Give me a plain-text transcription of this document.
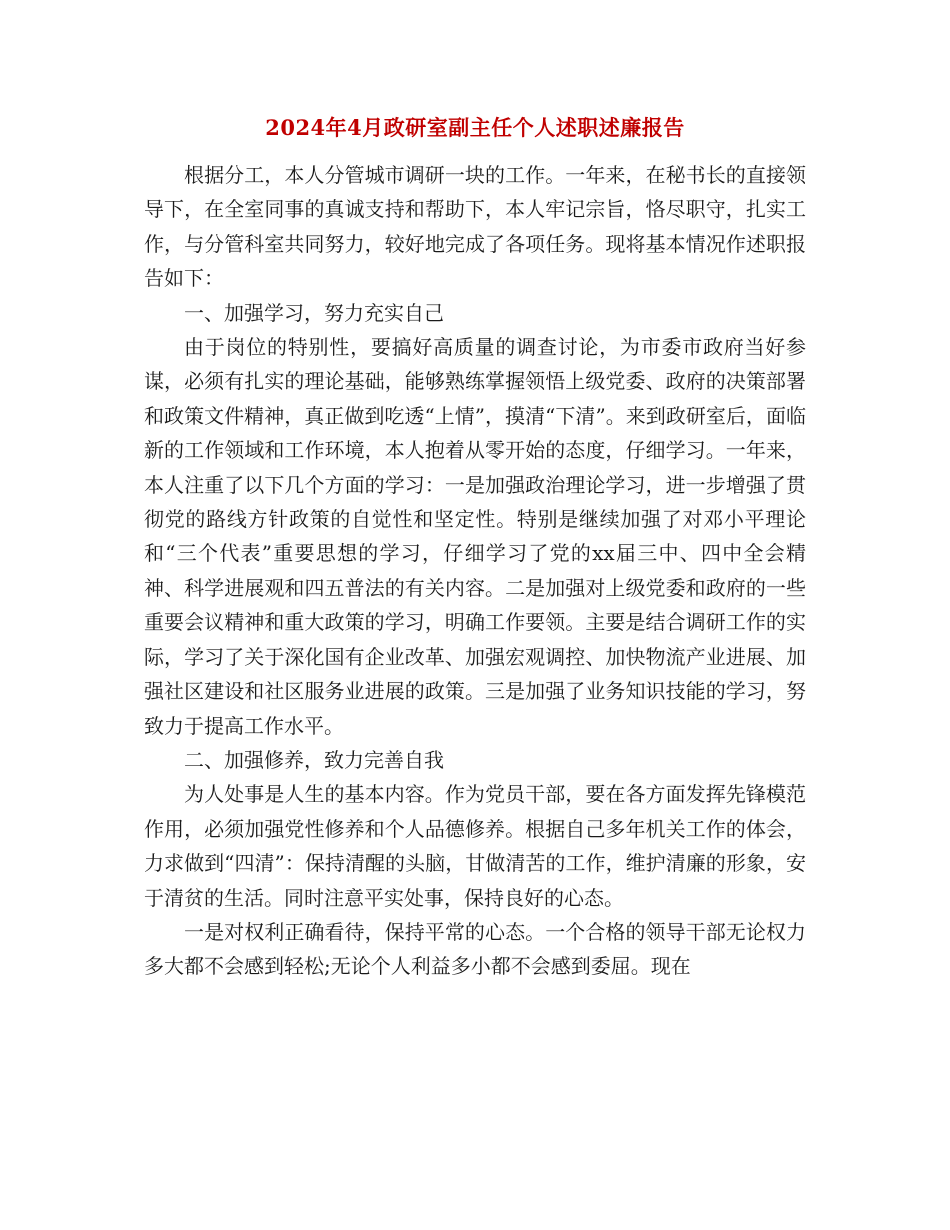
2024年4月政研室副主任个人述职述廉报告

根据分工，本人分管城市调研一块的工作。一年来，在秘书长的直接领导下，在全室同事的真诚支持和帮助下，本人牢记宗旨，恪尽职守，扎实工作，与分管科室共同努力，较好地完成了各项任务。现将基本情况作述职报告如下：

一、加强学习，努力充实自己

由于岗位的特别性，要搞好高质量的调查讨论，为市委市政府当好参谋，必须有扎实的理论基础，能够熟练掌握领悟上级党委、政府的决策部署和政策文件精神，真正做到吃透“上情”，摸清“下清”。来到政研室后，面临新的工作领域和工作环境，本人抱着从零开始的态度，仔细学习。一年来，本人注重了以下几个方面的学习：一是加强政治理论学习，进一步增强了贯彻党的路线方针政策的自觉性和坚定性。特别是继续加强了对邓小平理论和“三个代表”重要思想的学习，仔细学习了党的xx届三中、四中全会精神、科学进展观和四五普法的有关内容。二是加强对上级党委和政府的一些重要会议精神和重大政策的学习，明确工作要领。主要是结合调研工作的实际，学习了关于深化国有企业改革、加强宏观调控、加快物流产业进展、加强社区建设和社区服务业进展的政策。三是加强了业务知识技能的学习，努致力于提高工作水平。

二、加强修养，致力完善自我

为人处事是人生的基本内容。作为党员干部，要在各方面发挥先锋模范作用，必须加强党性修养和个人品德修养。根据自己多年机关工作的体会，力求做到“四清”：保持清醒的头脑，甘做清苦的工作，维护清廉的形象，安于清贫的生活。同时注意平实处事，保持良好的心态。

一是对权利正确看待，保持平常的心态。一个合格的领导干部无论权力多大都不会感到轻松;无论个人利益多小都不会感到委屈。现在
